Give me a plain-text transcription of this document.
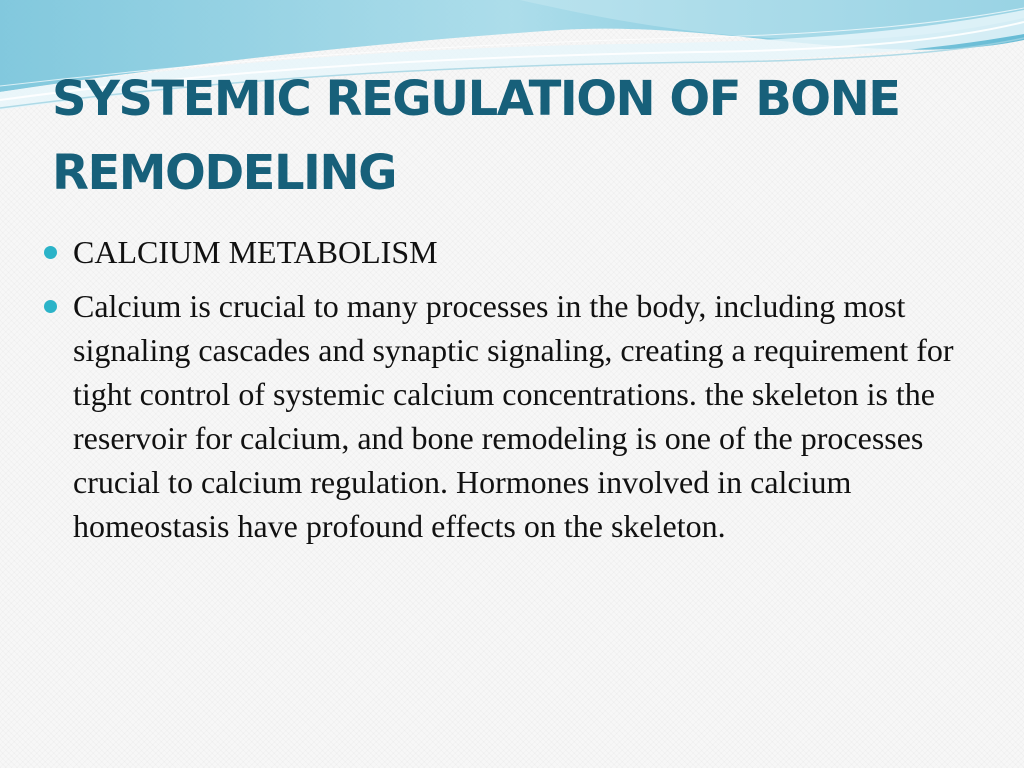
SYSTEMIC REGULATION OF BONE REMODELING
CALCIUM METABOLISM
Calcium is crucial to many processes in the body, including most signaling cascades and synaptic signaling, creating a requirement for tight control of systemic calcium concentrations. the skeleton is the reservoir for calcium, and bone remodeling is one of the processes crucial to calcium regulation. Hormones involved in calcium homeostasis have profound effects on the skeleton.
